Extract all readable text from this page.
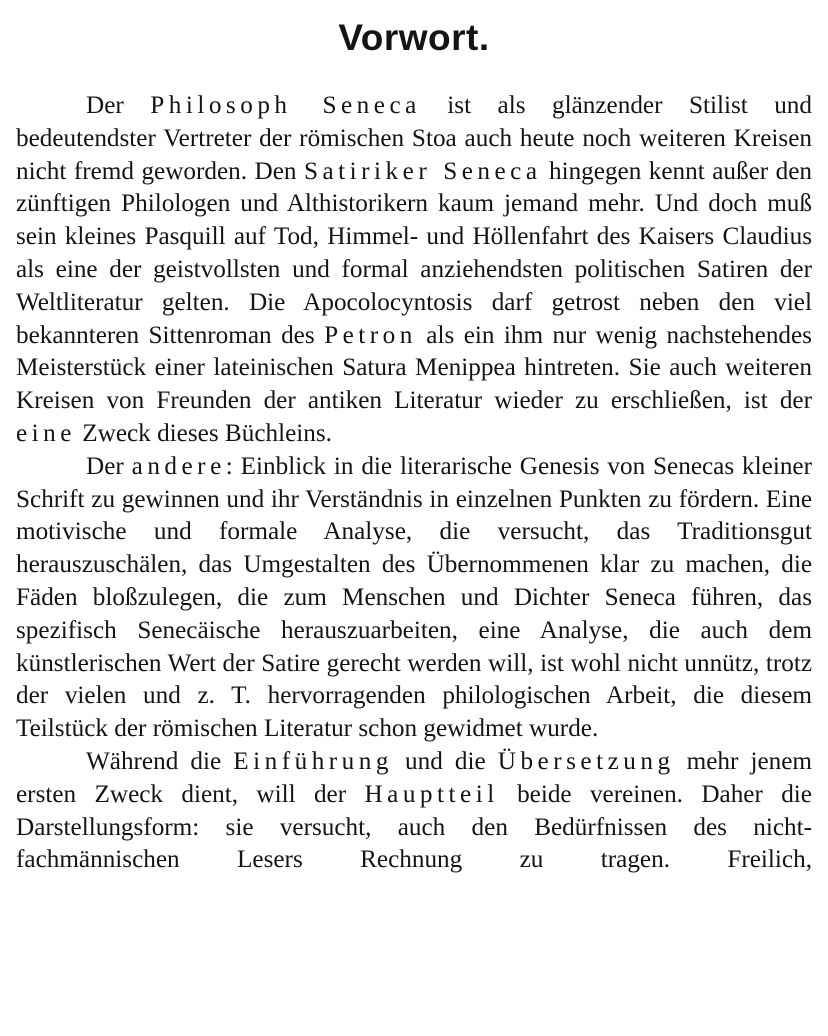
Vorwort.

Der Philosoph Seneca ist als glänzender Stilist und bedeutendster Vertreter der römischen Stoa auch heute noch weiteren Kreisen nicht fremd geworden. Den Satiriker Seneca hingegen kennt außer den zünftigen Philologen und Althistorikern kaum jemand mehr. Und doch muß sein kleines Pasquill auf Tod, Himmel- und Höllenfahrt des Kaisers Claudius als eine der geistvollsten und formal anziehendsten politischen Satiren der Weltliteratur gelten. Die Apocolocyntosis darf getrost neben den viel bekannteren Sittenroman des Petron als ein ihm nur wenig nachstehendes Meisterstück einer lateinischen Satura Menippea hintreten. Sie auch weiteren Kreisen von Freunden der antiken Literatur wieder zu erschließen, ist der eine Zweck dieses Büchleins.

Der andere: Einblick in die literarische Genesis von Senecas kleiner Schrift zu gewinnen und ihr Verständnis in einzelnen Punkten zu fördern. Eine motivische und formale Analyse, die versucht, das Traditionsgut herauszuschälen, das Umgestalten des Übernommenen klar zu machen, die Fäden bloßzulegen, die zum Menschen und Dichter Seneca führen, das spezifisch Senecäische herauszuarbeiten, eine Analyse, die auch dem künstlerischen Wert der Satire gerecht werden will, ist wohl nicht unnütz, trotz der vielen und z. T. hervorragenden philologischen Arbeit, die diesem Teilstück der römischen Literatur schon gewidmet wurde.

Während die Einführung und die Übersetzung mehr jenem ersten Zweck dient, will der Hauptteil beide vereinen. Daher die Darstellungsform: sie versucht, auch den Bedürfnissen des nicht-fachmännischen Lesers Rechnung zu tragen. Freilich,
